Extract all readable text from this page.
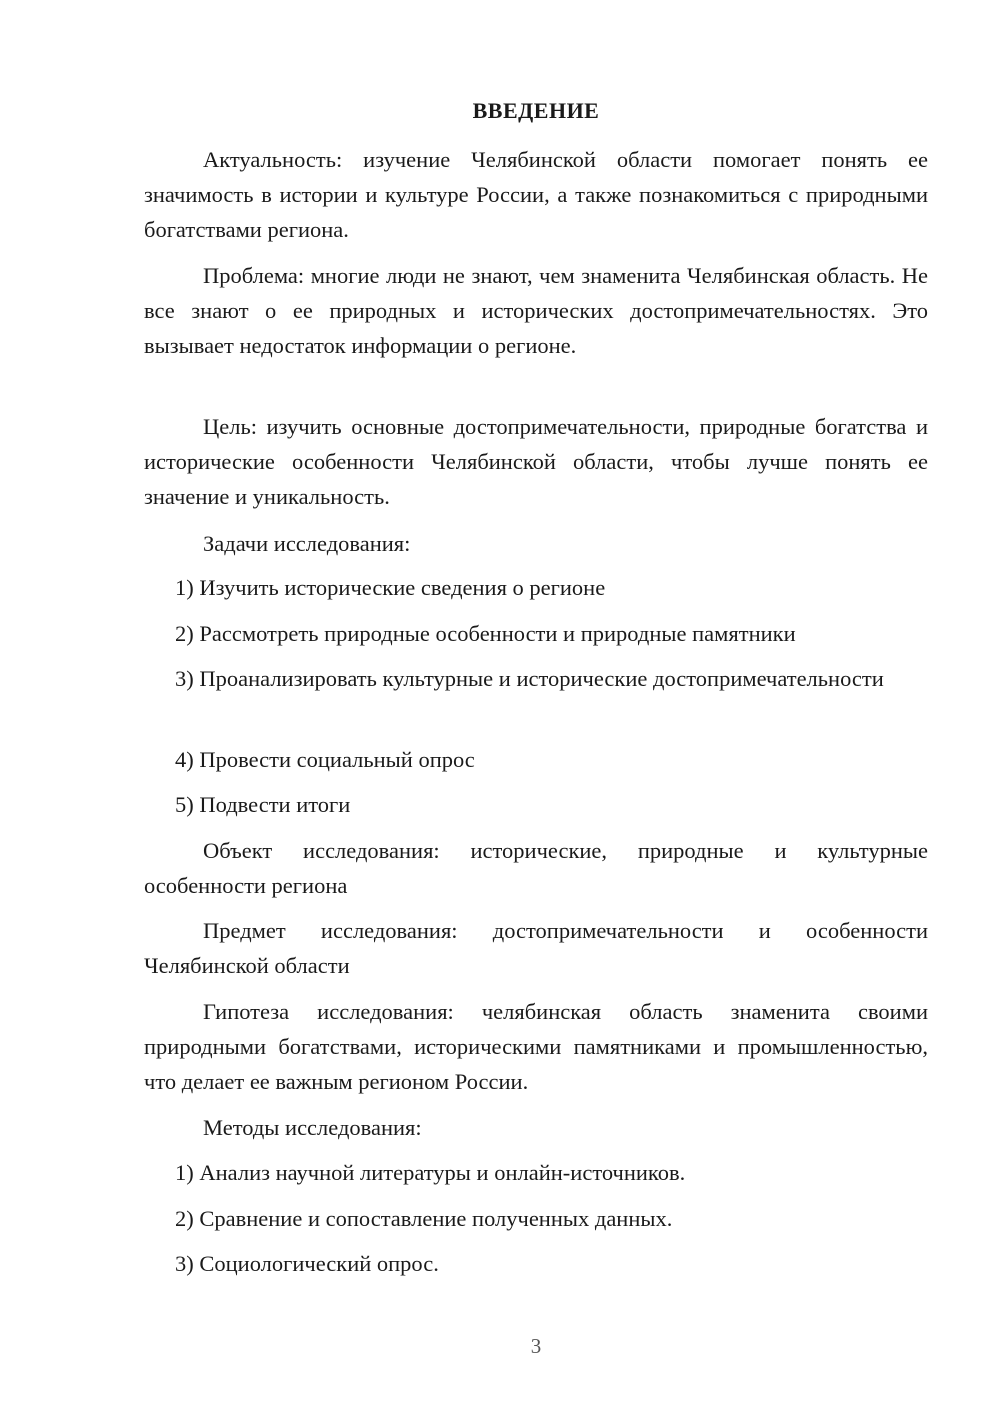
ВВЕДЕНИЕ

Актуальность: изучение Челябинской области помогает понять ее значимость в истории и культуре России, а также познакомиться с природными богатствами региона.

Проблема: многие люди не знают, чем знаменита Челябинская область. Не все знают о ее природных и исторических достопримечательностях. Это вызывает недостаток информации о регионе.

Цель: изучить основные достопримечательности, природные богатства и исторические особенности Челябинской области, чтобы лучше понять ее значение и уникальность.

Задачи исследования:

1) Изучить исторические сведения о регионе

2) Рассмотреть природные особенности и природные памятники

3) Проанализировать культурные и исторические достопримечательности

4) Провести социальный опрос

5) Подвести итоги

Объект исследования: исторические, природные и культурные особенности региона

Предмет исследования: достопримечательности и особенности Челябинской области

Гипотеза исследования: челябинская область знаменита своими природными богатствами, историческими памятниками и промышленностью, что делает ее важным регионом России.

Методы исследования:

1) Анализ научной литературы и онлайн-источников.

2) Сравнение и сопоставление полученных данных.

3) Социологический опрос.

3
